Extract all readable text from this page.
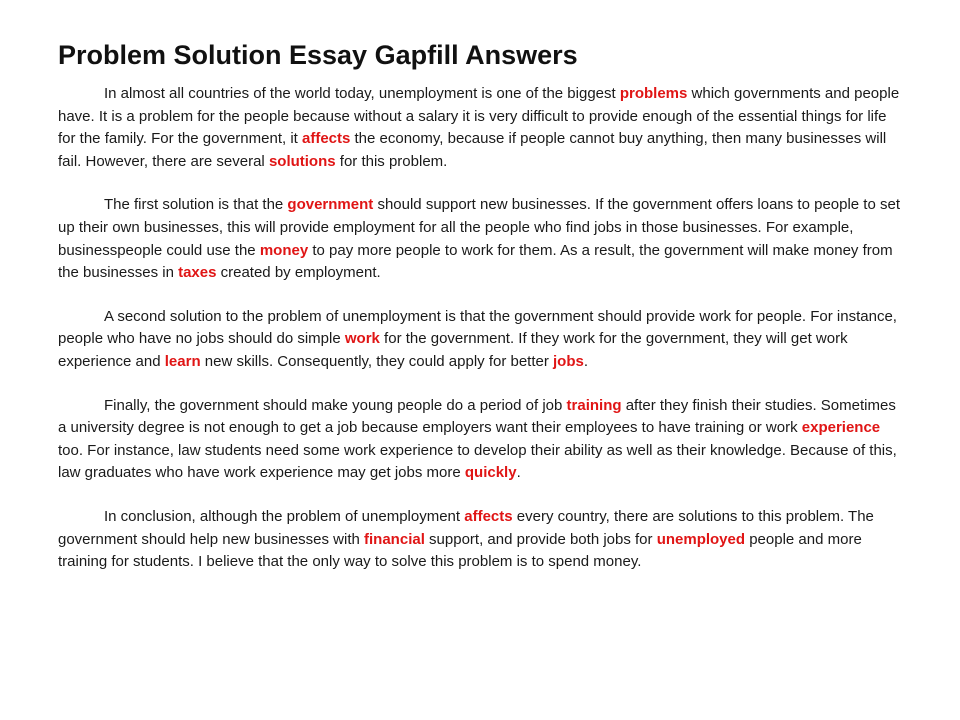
Problem Solution Essay Gapfill Answers

In almost all countries of the world today, unemployment is one of the biggest problems which governments and people have. It is a problem for the people because without a salary it is very difficult to provide enough of the essential things for life for the family. For the government, it affects the economy, because if people cannot buy anything, then many businesses will fail. However, there are several solutions for this problem.

The first solution is that the government should support new businesses. If the government offers loans to people to set up their own businesses, this will provide employment for all the people who find jobs in those businesses. For example, businesspeople could use the money to pay more people to work for them. As a result, the government will make money from the businesses in taxes created by employment.

A second solution to the problem of unemployment is that the government should provide work for people. For instance, people who have no jobs should do simple work for the government. If they work for the government, they will get work experience and learn new skills. Consequently, they could apply for better jobs.

Finally, the government should make young people do a period of job training after they finish their studies. Sometimes a university degree is not enough to get a job because employers want their employees to have training or work experience too. For instance, law students need some work experience to develop their ability as well as their knowledge. Because of this, law graduates who have work experience may get jobs more quickly.

In conclusion, although the problem of unemployment affects every country, there are solutions to this problem. The government should help new businesses with financial support, and provide both jobs for unemployed people and more training for students. I believe that the only way to solve this problem is to spend money.
